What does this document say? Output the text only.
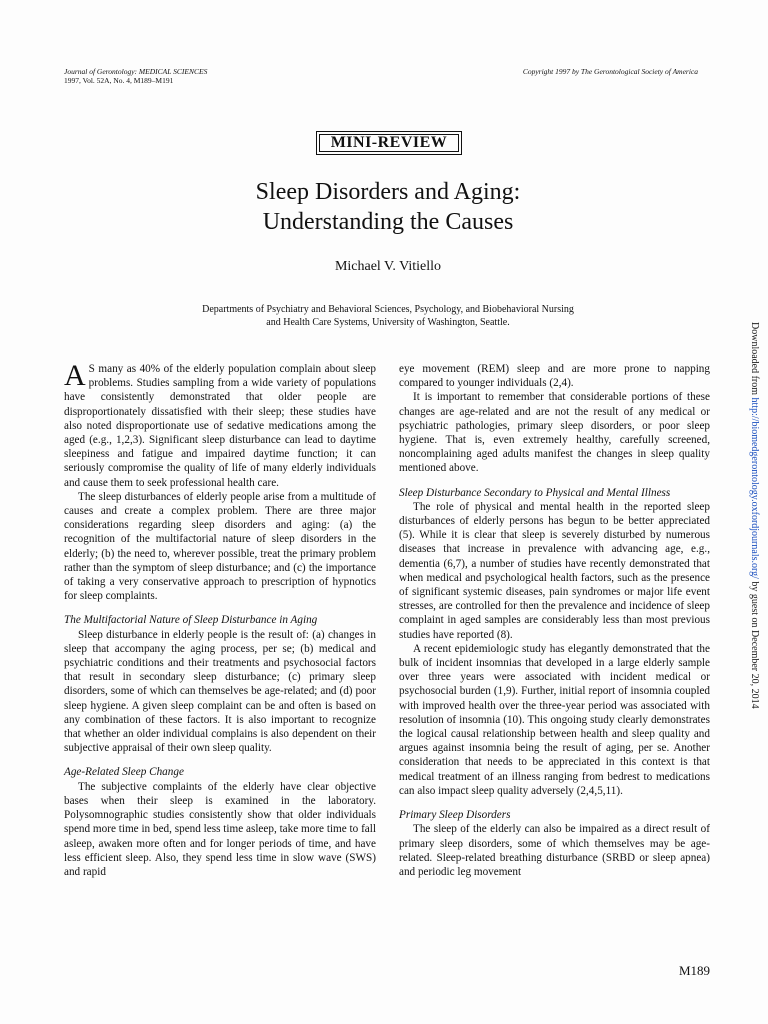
Journal of Gerontology: MEDICAL SCIENCES
1997, Vol. 52A, No. 4, M189–M191
Copyright 1997 by The Gerontological Society of America
MINI-REVIEW
Sleep Disorders and Aging:
Understanding the Causes
Michael V. Vitiello
Departments of Psychiatry and Behavioral Sciences, Psychology, and Biobehavioral Nursing
and Health Care Systems, University of Washington, Seattle.

A S many as 40% of the elderly population complain about sleep problems. Studies sampling from a wide variety of populations have consistently demonstrated that older people are disproportionately dissatisfied with their sleep; these studies have also noted disproportionate use of sedative medications among the aged (e.g., 1,2,3). Significant sleep disturbance can lead to daytime sleepiness and fatigue and impaired daytime function; it can seriously compromise the quality of life of many elderly individuals and cause them to seek professional health care.

The sleep disturbances of elderly people arise from a multitude of causes and create a complex problem. There are three major considerations regarding sleep disorders and aging: (a) the recognition of the multifactorial nature of sleep disorders in the elderly; (b) the need to, wherever possible, treat the primary problem rather than the symptom of sleep disturbance; and (c) the importance of taking a very conservative approach to prescription of hypnotics for sleep complaints.

The Multifactorial Nature of Sleep Disturbance in Aging

Sleep disturbance in elderly people is the result of: (a) changes in sleep that accompany the aging process, per se; (b) medical and psychiatric conditions and their treatments and psychosocial factors that result in secondary sleep disturbance; (c) primary sleep disorders, some of which can themselves be age-related; and (d) poor sleep hygiene. A given sleep complaint can be and often is based on any combination of these factors. It is also important to recognize that whether an older individual complains is also dependent on their subjective appraisal of their own sleep quality.

Age-Related Sleep Change

The subjective complaints of the elderly have clear objective bases when their sleep is examined in the laboratory. Polysomnographic studies consistently show that older individuals spend more time in bed, spend less time asleep, take more time to fall asleep, awaken more often and for longer periods of time, and have less efficient sleep. Also, they spend less time in slow wave (SWS) and rapid

eye movement (REM) sleep and are more prone to napping compared to younger individuals (2,4).

It is important to remember that considerable portions of these changes are age-related and are not the result of any medical or psychiatric pathologies, primary sleep disorders, or poor sleep hygiene. That is, even extremely healthy, carefully screened, noncomplaining aged adults manifest the changes in sleep quality mentioned above.

Sleep Disturbance Secondary to Physical and Mental Illness

The role of physical and mental health in the reported sleep disturbances of elderly persons has begun to be better appreciated (5). While it is clear that sleep is severely disturbed by numerous diseases that increase in prevalence with advancing age, e.g., dementia (6,7), a number of studies have recently demonstrated that when medical and psychological health factors, such as the presence of significant systemic diseases, pain syndromes or major life event stresses, are controlled for then the prevalence and incidence of sleep complaint in aged samples are considerably less than most previous studies have reported (8).

A recent epidemiologic study has elegantly demonstrated that the bulk of incident insomnias that developed in a large elderly sample over three years were associated with incident medical or psychosocial burden (1,9). Further, initial report of insomnia coupled with improved health over the three-year period was associated with resolution of insomnia (10). This ongoing study clearly demonstrates the logical causal relationship between health and sleep quality and argues against insomnia being the result of aging, per se. Another consideration that needs to be appreciated in this context is that medical treatment of an illness ranging from bedrest to medications can also impact sleep quality adversely (2,4,5,11).

Primary Sleep Disorders

The sleep of the elderly can also be impaired as a direct result of primary sleep disorders, some of which themselves may be age-related. Sleep-related breathing disturbance (SRBD or sleep apnea) and periodic leg movement

Downloaded from http://biomedgerontology.oxfordjournals.org/ by guest on December 20, 2014
M189
